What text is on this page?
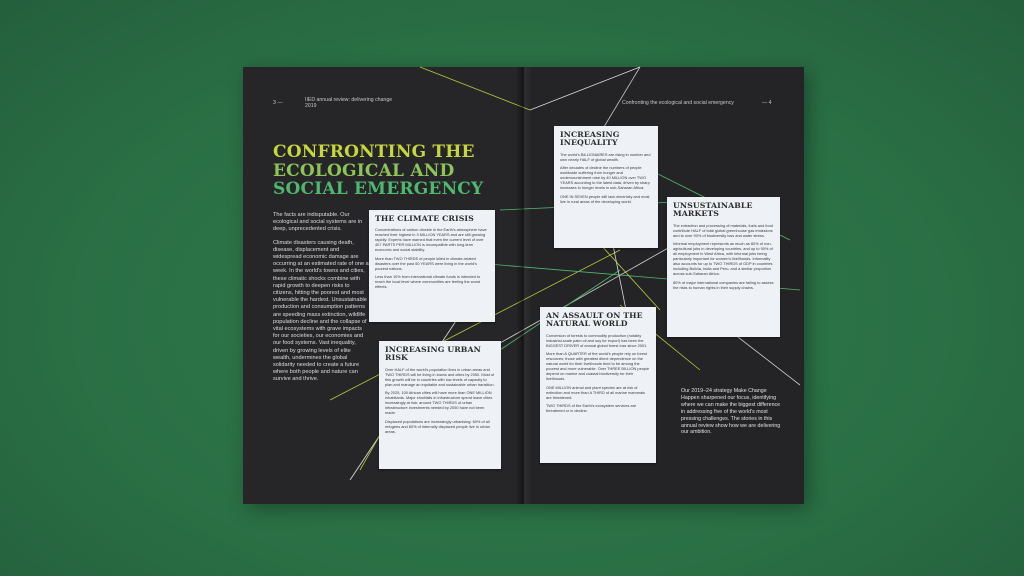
3 —	IIED annual review: delivering change
2019	Confronting the ecological and social emergency	— 4
CONFRONTING THE
ECOLOGICAL AND
SOCIAL EMERGENCY

The facts are indisputable. Our ecological and social systems are in deep, unprecedented crisis.

Climate disasters causing death, disease, displacement and widespread economic damage are occurring at an estimated rate of one a week. In the world's towns and cities, these climatic shocks combine with rapid growth to deepen risks to citizens, hitting the poorest and most vulnerable the hardest. Unsustainable production and consumption patterns are speeding mass extinction, wildlife population decline and the collapse of vital ecosystems with grave impacts for our societies, our economies and our food systems. Vast inequality, driven by growing levels of elite wealth, undermines the global solidarity needed to create a future where both people and nature can survive and thrive.

THE CLIMATE CRISIS

Concentrations of carbon dioxide in the Earth's atmosphere have reached their highest in 3 MILLION YEARS and are still growing rapidly. Experts have warned that even the current level of over 407 PARTS PER MILLION is incompatible with long-term economic and social stability.

More than TWO THIRDS of people killed in climate-related disasters over the past 50 YEARS were living in the world's poorest nations.

Less than 10% from international climate funds is intended to reach the local level where communities are feeling the worst effects.

INCREASING URBAN RISK

Over HALF of the world's population lives in urban areas and TWO THIRDS will be living in towns and cities by 2050. Most of this growth will be in countries with low levels of capacity to plan and manage an equitable and sustainable urban transition.

By 2025, 100 African cities will have more than ONE MILLION inhabitants. Major shortfalls in infrastructure spend leave cities increasingly at risk: around TWO THIRDS of urban infrastructure investments needed by 2050 have not been made.

Displaced populations are increasingly urbanising: 60% of all refugees and 80% of internally displaced people live in urban areas.

INCREASING INEQUALITY

The world's BILLIONAIRES are rising in number and own nearly HALF of global wealth.

After decades of decline the numbers of people worldwide suffering from hunger and undernourishment rose by 40 MILLION over TWO YEARS according to the latest data, driven by sharp increases in hunger levels in sub-Saharan Africa.

ONE IN SEVEN people still lack electricity and most live in rural areas of the developing world.	UNSUSTAINABLE MARKETS

The extraction and processing of materials, fuels and food contribute HALF of total global greenhouse gas emissions and to over 90% of biodiversity loss and water stress.

Informal employment represents as much as 80% of non-agricultural jobs in developing countries, and up to 90% of all employment in West Africa, with informal jobs being particularly important for women's livelihoods. Informality also accounts for up to TWO THIRDS of GDP in countries including Bolivia, India and Peru, and a similar proportion across sub-Saharan Africa.

80% of major international companies are failing to assess the risks to human rights in their supply chains.

AN ASSAULT ON THE NATURAL WORLD

Conversion of forests to commodity production (notably industrial-scale palm oil and soy for export) has been the BIGGEST DRIVER of annual global forest loss since 2001.

More than A QUARTER of the world's people rely on forest resources; those with greatest direct dependence on the natural world for their livelihoods tend to be among the poorest and more vulnerable. Over THREE BILLION people depend on marine and coastal biodiversity for their livelihoods.

ONE MILLION animal and plant species are at risk of extinction and more than A THIRD of all marine mammals are threatened.

TWO THIRDS of the Earth's ecosystem services are threatened or in decline.

Our 2019–24 strategy Make Change Happen sharpened our focus, identifying where we can make the biggest difference in addressing five of the world's most pressing challenges. The stories in this annual review show how we are delivering our ambition.
